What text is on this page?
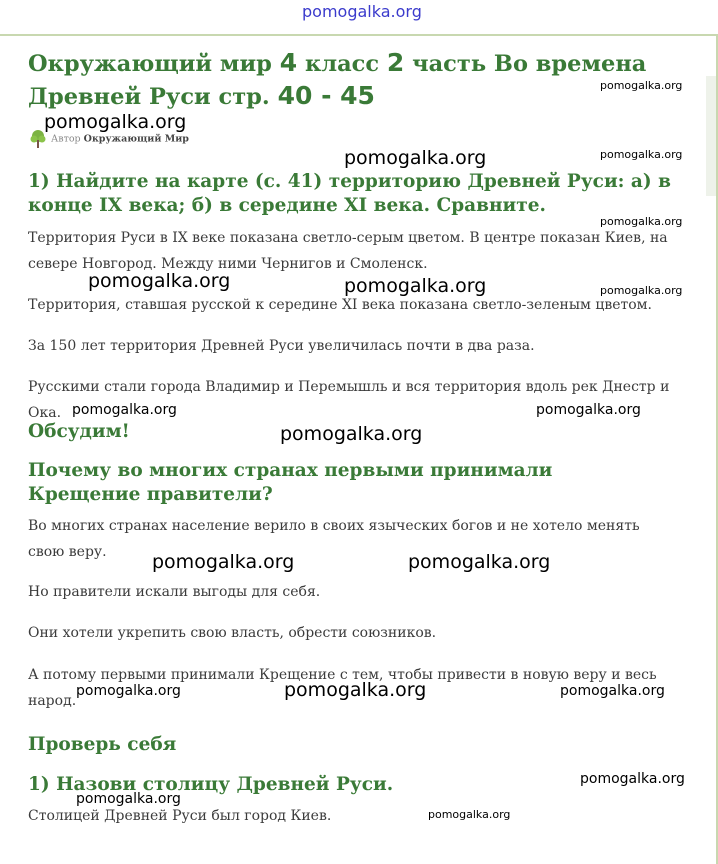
pomogalka.org
Окружающий мир 4 класс 2 часть Во времена Древней Руси стр. 40 - 45
Автор Окружающий Мир
1) Найдите на карте (с. 41) территорию Древней Руси: а) в конце IX века; б) в середине XI века. Сравните.

Территория Руси в IX веке показана светло-серым цветом. В центре показан Киев, на севере Новгород. Между ними Чернигов и Смоленск.

Территория, ставшая русской к середине XI века показана светло-зеленым цветом.

За 150 лет территория Древней Руси увеличилась почти в два раза.

Русскими стали города Владимир и Перемышль и вся территория вдоль рек Днестр и Ока.

Обсудим!
Почему во многих странах первыми принимали Крещение правители?

Во многих странах население верило в своих языческих богов и не хотело менять свою веру.

Но правители искали выгоды для себя.

Они хотели укрепить свою власть, обрести союзников.

А потому первыми принимали Крещение с тем, чтобы привести в новую веру и весь народ.

Проверь себя
1) Назови столицу Древней Руси.

Столицей Древней Руси был город Киев.

pomogalka.org
pomogalka.org
pomogalka.org	pomogalka.org
pomogalka.org
pomogalka.org	pomogalka.org	pomogalka.org
pomogalka.org	pomogalka.org
pomogalka.org
pomogalka.org	pomogalka.org
pomogalka.org	pomogalka.org	pomogalka.org
pomogalka.org
pomogalka.org
pomogalka.org
